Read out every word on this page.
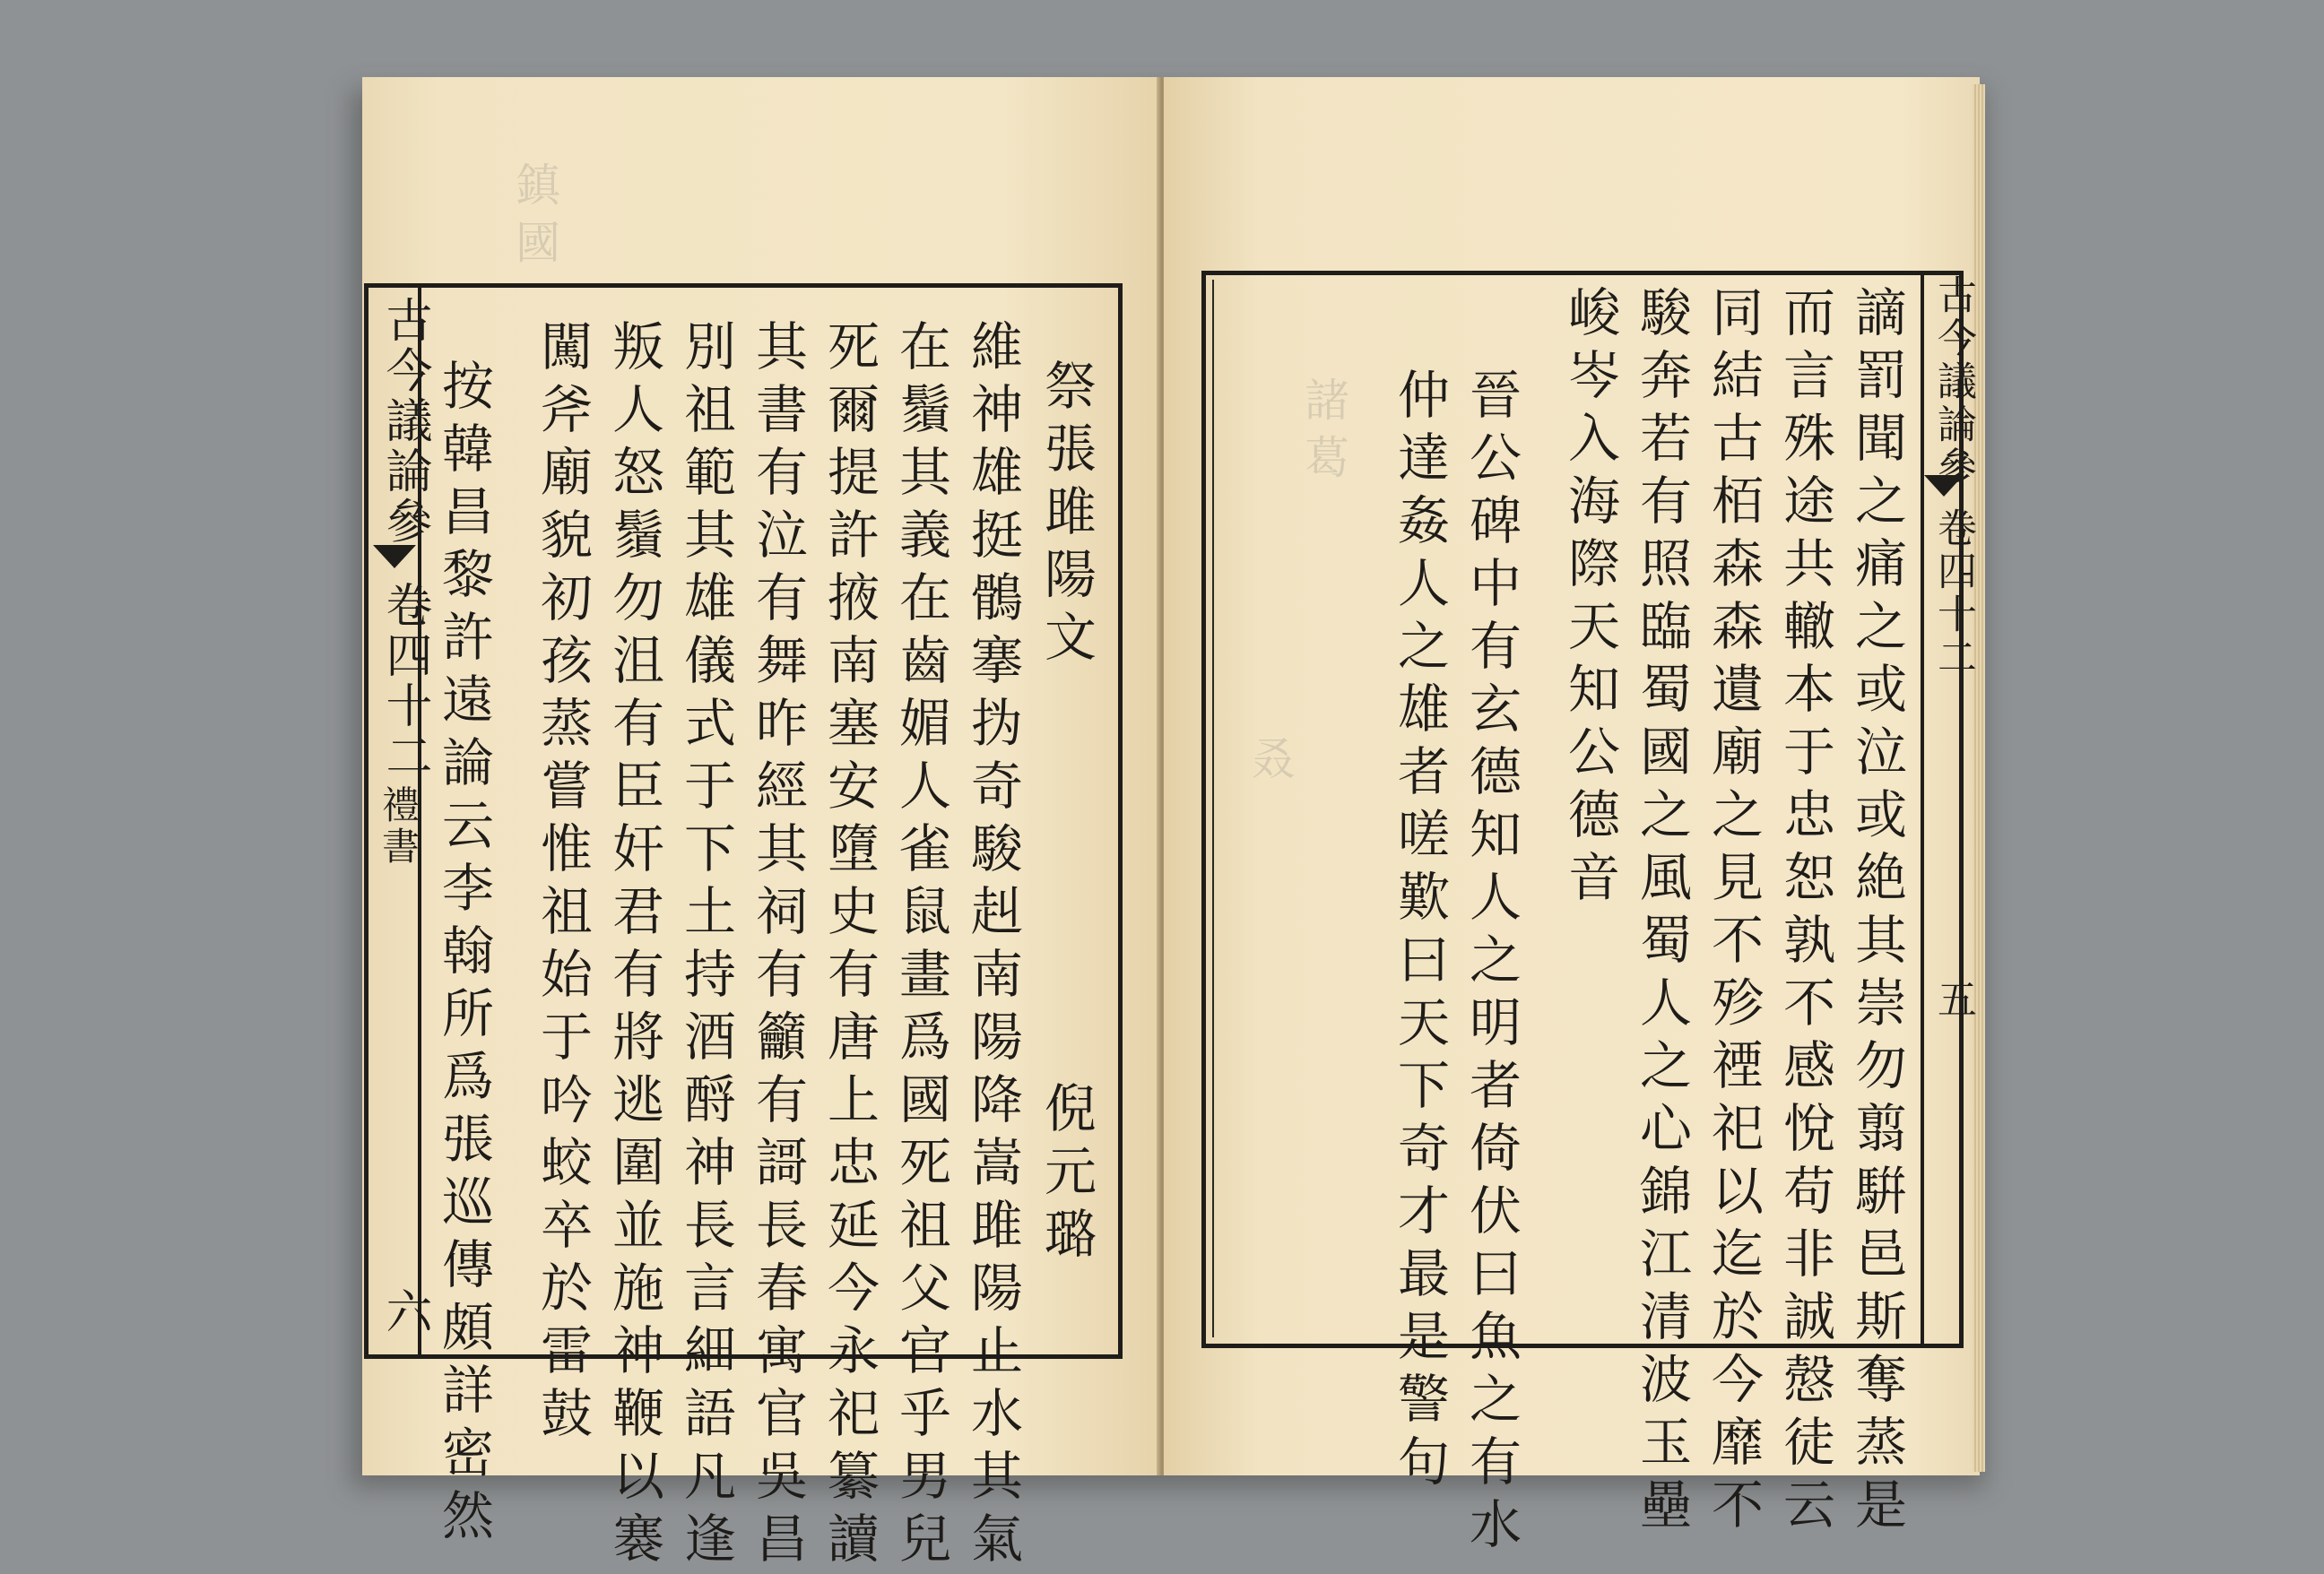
鎮國
古今議論參
卷四十二
禮書
六
祭張雎陽文
倪元璐
維神雄挺鶻搴㧑奇駿赳南陽降嵩雎陽止水其氣
在鬚其義在齒媚人雀鼠畫爲國死祖父官乎男兒
死爾提許掖南塞安墮史有唐上忠延今永祀纂讀
其書有泣有舞昨經其祠有籲有謌長春寓官吳昌
別祖範其雄儀式于下土持酒酹神長言細語凡逢
叛人怒鬚勿沮有臣奸君有將逃圍並施神鞭以褰
闖斧廟貌初孩蒸嘗惟祖始于吟蛟卒於雷鼓
按韓昌黎許遠論云李翰所爲張巡傳頗詳密然	諸葛
叒
古今議論參
卷四十二
五
謫罰聞之痛之或泣或絶其崇勿翦騈邑斯奪蒸是
而言殊途共轍本于忠恕孰不感悅苟非誠慤徒云
同結古栢森森遺廟之見不殄禋祀以迄於今靡不
駿奔若有照臨蜀國之風蜀人之心錦江清波玉壘
峻岑入海際天知公德音
晉公碑中有玄德知人之明者倚伏曰魚之有水
仲達姦人之雄者嗟歎曰天下奇才最是警句
